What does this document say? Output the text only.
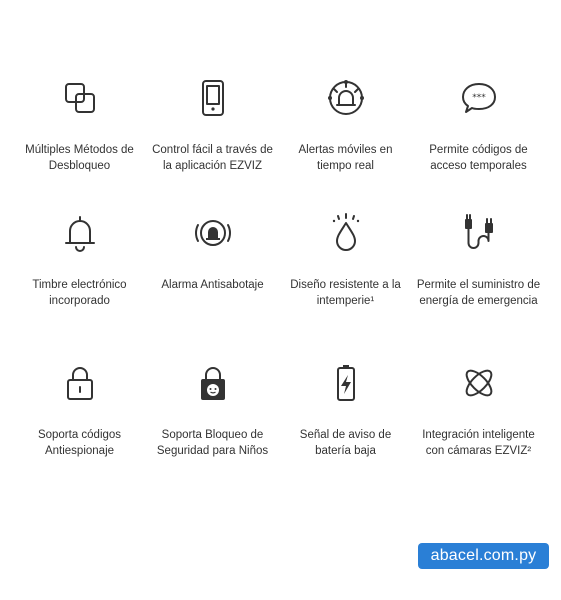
Múltiples Métodos de Desbloqueo
Control fácil a través de la aplicación EZVIZ
Alertas móviles en tiempo real
***
Permite códigos de acceso temporales
Timbre electrónico incorporado
Alarma Antisabotaje	Diseño resistente a la intemperie¹
Permite el suministro de energía de emergencia
Soporta códigos Antiespionaje
Soporta Bloqueo de Seguridad para Niños
Señal de aviso de batería baja
Integración inteligente con cámaras EZVIZ²
abacel.com.py
